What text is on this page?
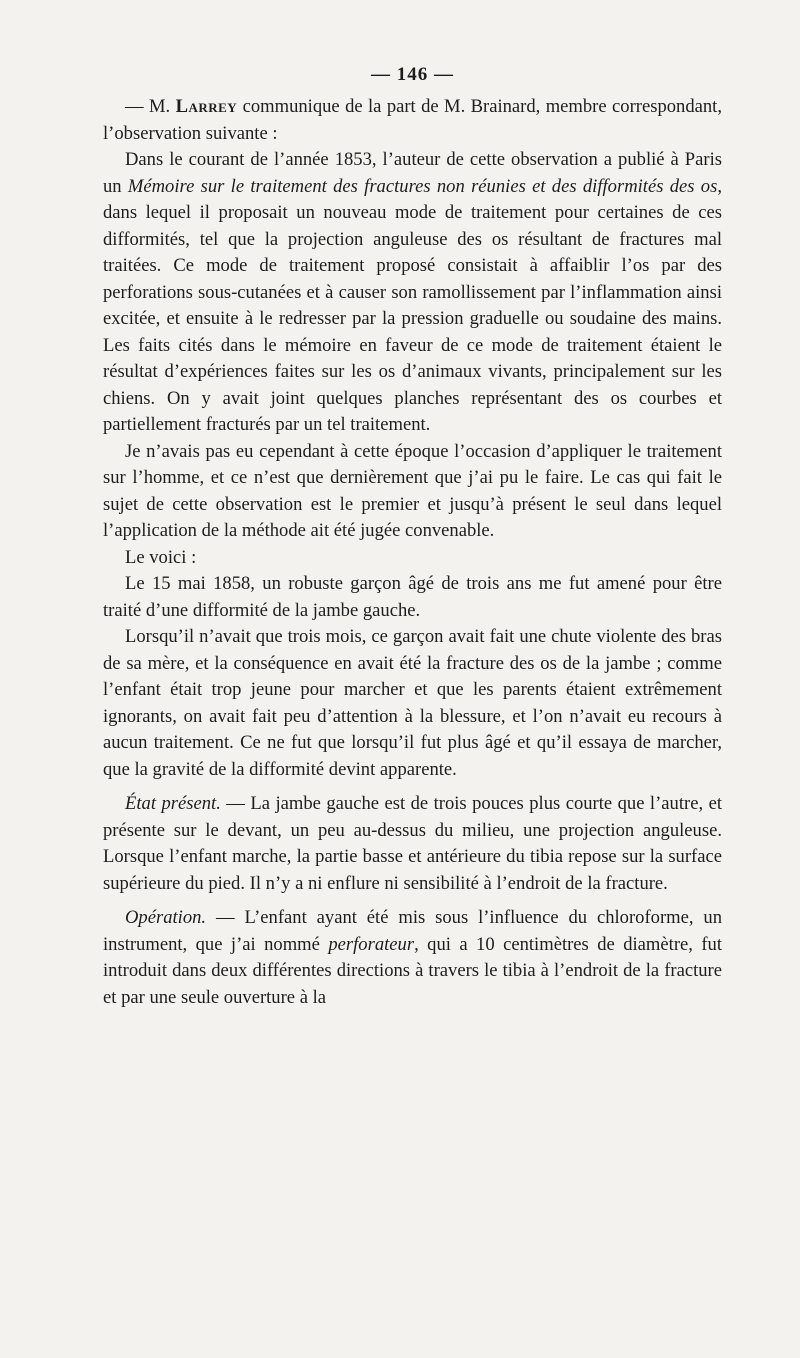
— 146 —

— M. Larrey communique de la part de M. Brainard, membre correspondant, l’observation suivante :

Dans le courant de l’année 1853, l’auteur de cette observation a publié à Paris un Mémoire sur le traitement des fractures non réunies et des difformités des os, dans lequel il proposait un nouveau mode de traitement pour certaines de ces difformités, tel que la projection anguleuse des os résultant de fractures mal traitées. Ce mode de traitement proposé consistait à affaiblir l’os par des perforations sous-cutanées et à causer son ramollissement par l’inflammation ainsi excitée, et ensuite à le redresser par la pression graduelle ou soudaine des mains. Les faits cités dans le mémoire en faveur de ce mode de traitement étaient le résultat d’expériences faites sur les os d’animaux vivants, principalement sur les chiens. On y avait joint quelques planches représentant des os courbes et partiellement fracturés par un tel traitement.

Je n’avais pas eu cependant à cette époque l’occasion d’appliquer le traitement sur l’homme, et ce n’est que dernièrement que j’ai pu le faire. Le cas qui fait le sujet de cette observation est le premier et jusqu’à présent le seul dans lequel l’application de la méthode ait été jugée convenable.

Le voici :

Le 15 mai 1858, un robuste garçon âgé de trois ans me fut amené pour être traité d’une difformité de la jambe gauche.

Lorsqu’il n’avait que trois mois, ce garçon avait fait une chute violente des bras de sa mère, et la conséquence en avait été la fracture des os de la jambe ; comme l’enfant était trop jeune pour marcher et que les parents étaient extrêmement ignorants, on avait fait peu d’attention à la blessure, et l’on n’avait eu recours à aucun traitement. Ce ne fut que lorsqu’il fut plus âgé et qu’il essaya de marcher, que la gravité de la difformité devint apparente.

État présent. — La jambe gauche est de trois pouces plus courte que l’autre, et présente sur le devant, un peu au-dessus du milieu, une projection anguleuse. Lorsque l’enfant marche, la partie basse et antérieure du tibia repose sur la surface supérieure du pied. Il n’y a ni enflure ni sensibilité à l’endroit de la fracture.

Opération. — L’enfant ayant été mis sous l’influence du chloroforme, un instrument, que j’ai nommé perforateur, qui a 10 centimètres de diamètre, fut introduit dans deux différentes directions à travers le tibia à l’endroit de la fracture et par une seule ouverture à la
